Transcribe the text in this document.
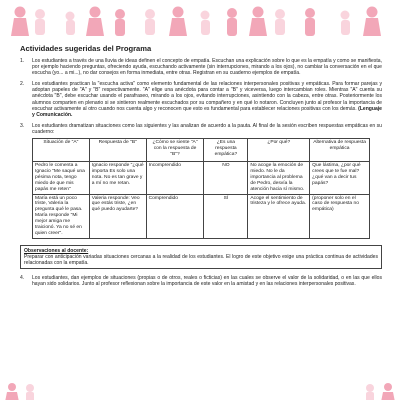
Actividades sugeridas del Programa
1.	Los estudiantes a través de una lluvia de ideas definen el concepto de empatía. Escuchan una explicación sobre lo que es la empatía y como se manifiesta, por ejemplo haciendo preguntas, ofreciendo ayuda, escuchando activamente (sin interrupciones, mirando a los ojos), no cambiar la conversación en el que escucha (yo... a mi...), no dar consejos en forma inmediata, entre otras. Registran en su cuaderno ejemplos de empatía.
2.	Los estudiantes practican la "escucha activa" como elemento fundamental de las relaciones interpersonales positivas y empáticas. Para formar parejas y adoptan papeles de "A" y "B" respectivamente. "A" elige una anécdota para contar a "B" y viceversa, luego intercambian roles. Mientras "A" cuenta su anécdota "B", debe escuchar usando el parafraseo, mirando a los ojos, evitando interrupciones, asintiendo con la cabeza, entre otras. Posteriormente los alumnos comparten en plenario si se sintieron realmente escuchados por su compañero y en qué lo notaron. Concluyen junto al profesor la importancia de escuchar activamente al otro cuando nos cuenta algo y reconocen que esto es fundamental para establecer relaciones positivas con los demás. (Lenguaje y Comunicación.
3.	Los estudiantes dramatizan situaciones como las siguientes y las analizan de acuerdo a la pauta. Al final de la sesión escriben respuestas empáticas en su cuaderno:
Situación de "A"	Respuesta de "B"	¿Cómo se siente "A" con la respuesta de "B"?	¿Es una respuesta empática?	¿Por qué?	Alternativa de respuesta empática
Pedro le comenta a Ignacio "Me saqué una pésima nota, tengo miedo de que mis papás me reten"	Ignacio responde "¿qué importa Es solo una nota. No es tan grave y a mí no me retan.	Incomprendido	NO	No acoge la emoción de miedo. No le da importancia al problema de Pedro, desvía la atención hacia sí mismo.	Que lástima, ¿por qué crees que te fue mal? ¿qué van a decir tus papás?
María está un poco triste, Valeria la pregunta qué le pasa. María responde "Mi mejor amiga me traicionó. Ya no sé en quien creer".	Valeria responde: Veo que estás triste, ¿en qué puedo ayudarte?	Comprendido	SÍ	Acoge el sentimiento de tristeza y le ofrece ayuda.	(proponer solo en el caso de respuesta no empática)
Observaciones al docente:
Preparar con anticipación variadas situaciones cercanas a la realidad de los estudiantes. El logro de este objetivo exige una práctica continua de actividades relacionadas con la empatía.
4.	Los estudiantes, dan ejemplos de situaciones (propias o de otros, reales o ficticias) en las cuales se observe el valor de la solidaridad, o en las que ellos hayan sido solidarios. Junto al profesor reflexionan sobre la importancia de este valor en la amistad y en las relaciones interpersonales positivas.
